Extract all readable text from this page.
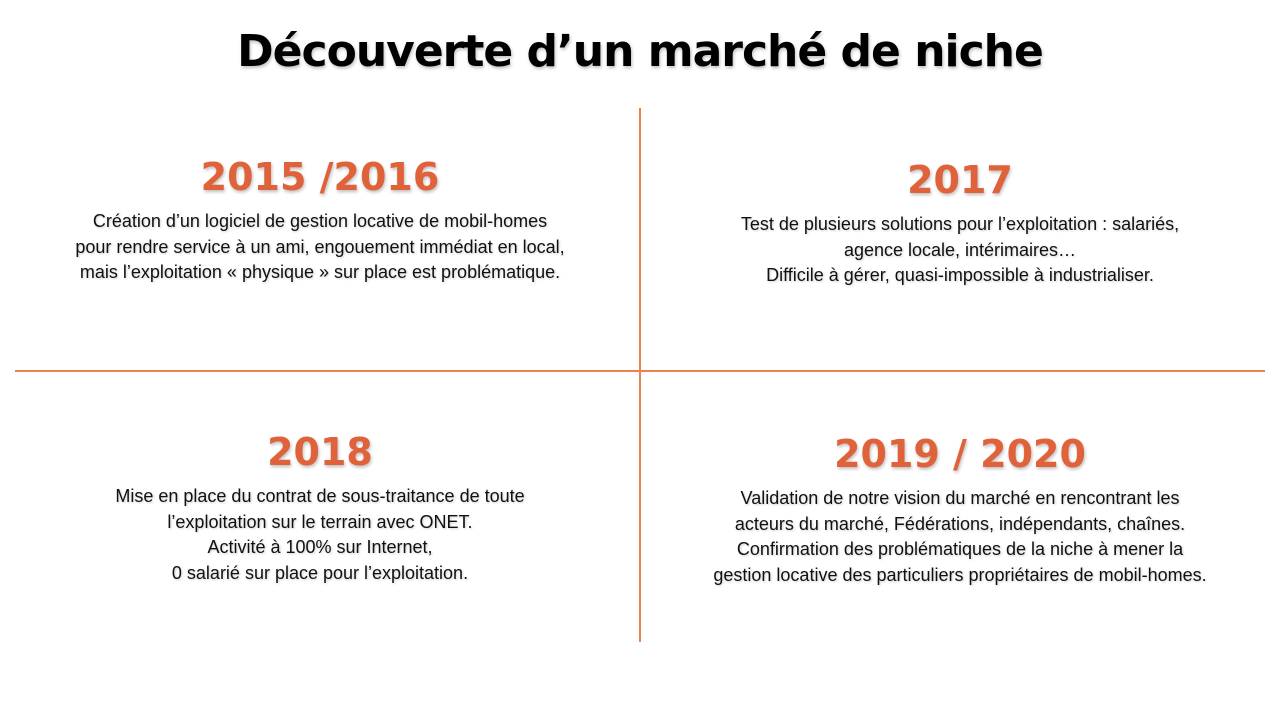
Découverte d’un marché de niche
2015 /2016
Création d’un logiciel de gestion locative de mobil-homes
pour rendre service à un ami, engouement immédiat en local,
mais l’exploitation « physique » sur place est problématique.
2017
Test de plusieurs solutions pour l’exploitation : salariés,
agence locale, intérimaires…
Difficile à gérer, quasi-impossible à industrialiser.
2018
Mise en place du contrat de sous-traitance de toute
l’exploitation sur le terrain avec ONET.
Activité à 100% sur Internet,
0 salarié sur place pour l’exploitation.
2019 / 2020
Validation de notre vision du marché en rencontrant les
acteurs du marché, Fédérations, indépendants, chaînes.
Confirmation des problématiques de la niche à mener la
gestion locative des particuliers propriétaires de mobil-homes.
